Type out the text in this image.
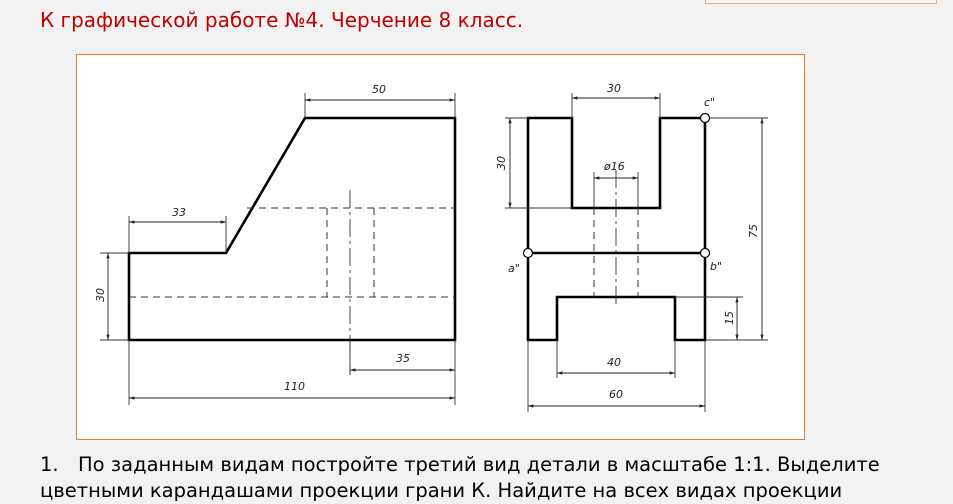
К графической работе №4. Черчение 8 класс.
50
33
30
35
110
30
30	ø16
75
15
40
60
c"
a"	b"
1. По заданным видам постройте третий вид детали в масштабе 1:1. Выделите
цветными карандашами проекции грани К. Найдите на всех видах проекции
